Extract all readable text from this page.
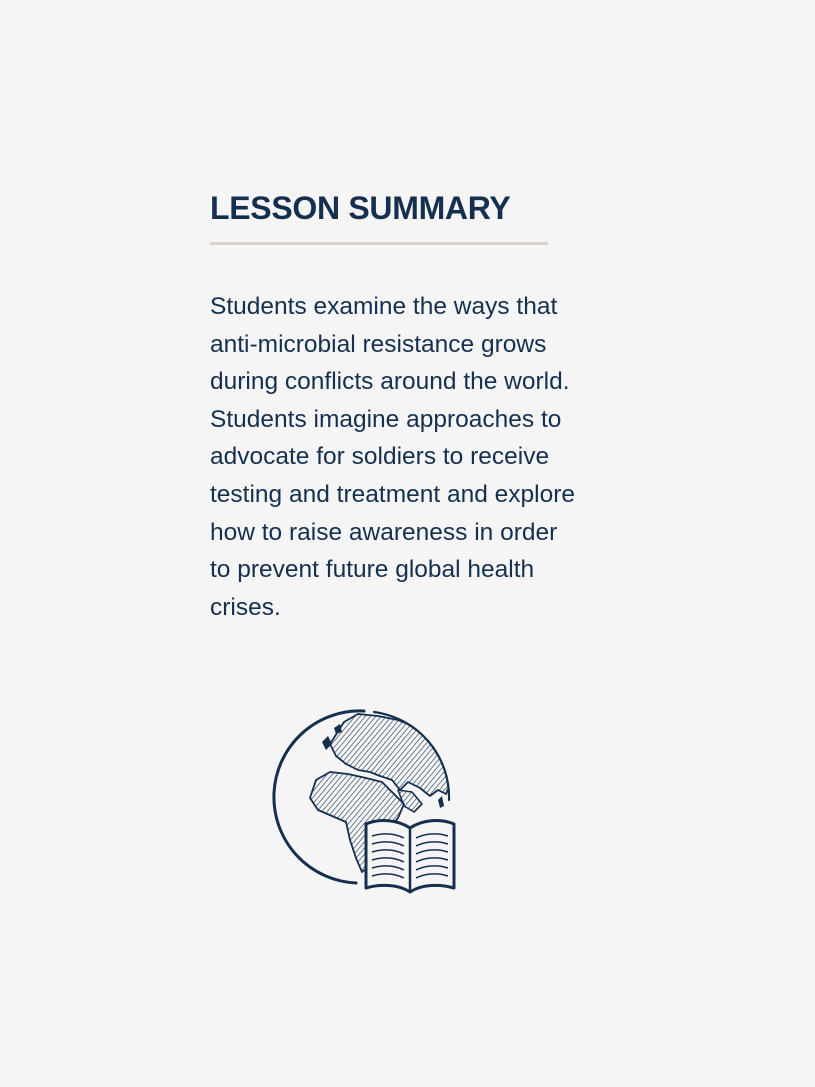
LESSON SUMMARY

Students examine the ways that anti-microbial resistance grows during conflicts around the world. Students imagine approaches to advocate for soldiers to receive testing and treatment and explore how to raise awareness in order to prevent future global health crises.
